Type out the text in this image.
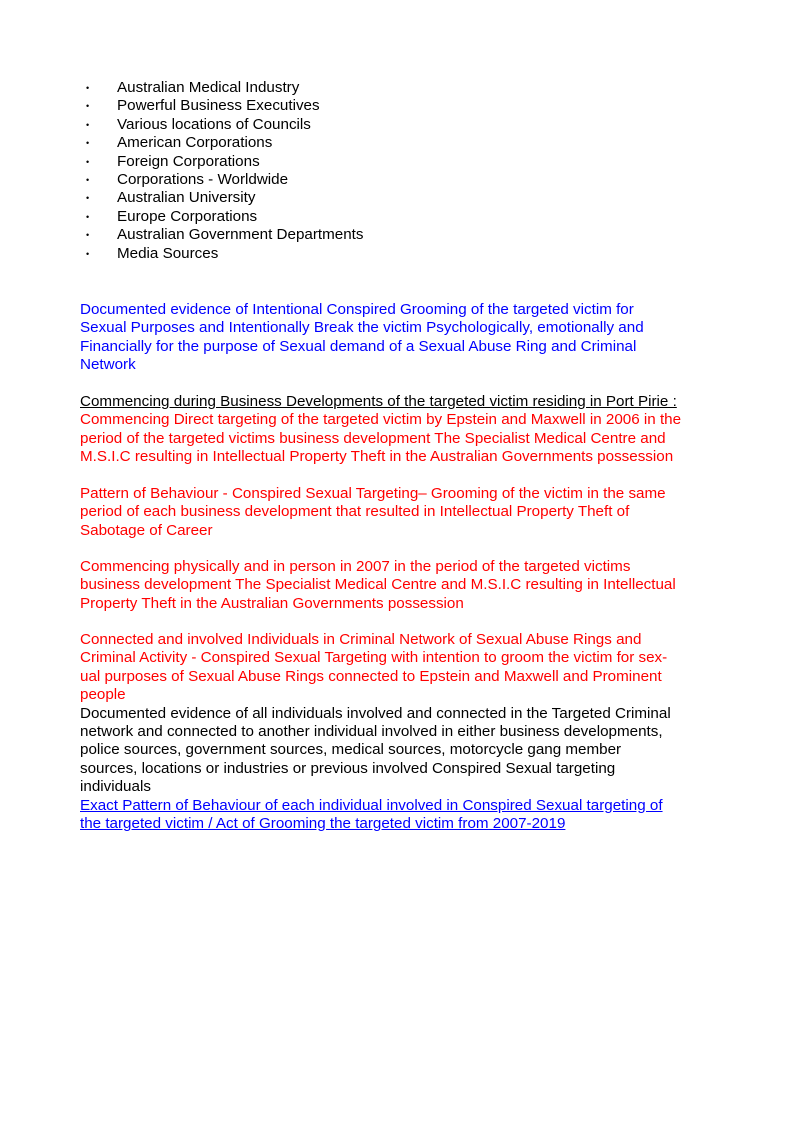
• Australian Medical Industry
• Powerful Business Executives
• Various locations of Councils
• American Corporations
• Foreign Corporations
• Corporations - Worldwide
• Australian University
• Europe Corporations
• Australian Government Departments
• Media Sources

Documented evidence of Intentional Conspired Grooming of the targeted victim for
Sexual Purposes and Intentionally Break the victim Psychologically, emotionally and
Financially for the purpose of Sexual demand of a Sexual Abuse Ring and Criminal
Network

Commencing during Business Developments of the targeted victim residing in Port Pirie :
Commencing Direct targeting of the targeted victim by Epstein and Maxwell in 2006 in the
period of the targeted victims business development The Specialist Medical Centre and
M.S.I.C resulting in Intellectual Property Theft in the Australian Governments possession

Pattern of Behaviour - Conspired Sexual Targeting– Grooming of the victim in the same
period of each business development that resulted in Intellectual Property Theft of
Sabotage of Career

Commencing physically and in person in 2007 in the period of the targeted victims
business development The Specialist Medical Centre and M.S.I.C resulting in Intellectual
Property Theft in the Australian Governments possession

Connected and involved Individuals in Criminal Network of Sexual Abuse Rings and
Criminal Activity - Conspired Sexual Targeting with intention to groom the victim for sex-
ual purposes of Sexual Abuse Rings connected to Epstein and Maxwell and Prominent
people
Documented evidence of all individuals involved and connected in the Targeted Criminal
network and connected to another individual involved in either business developments,
police sources, government sources, medical sources, motorcycle gang member
sources, locations or industries or previous involved Conspired Sexual targeting
individuals
Exact Pattern of Behaviour of each individual involved in Conspired Sexual targeting of
the targeted victim / Act of Grooming the targeted victim from 2007-2019
